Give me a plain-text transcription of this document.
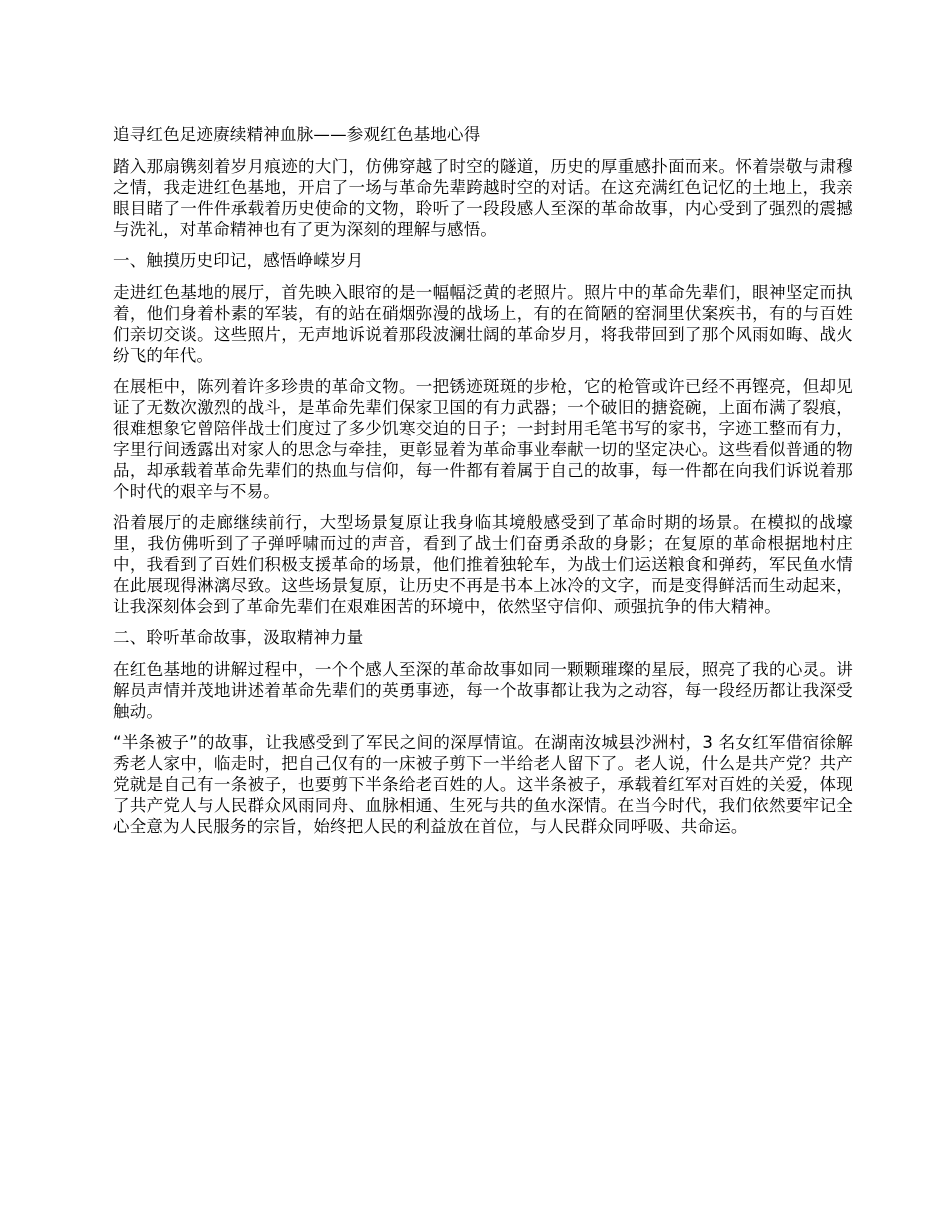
追寻红色足迹赓续精神血脉——参观红色基地心得

踏入那扇镌刻着岁月痕迹的大门，仿佛穿越了时空的隧道，历史的厚重感扑面而来。怀着崇敬与肃穆之情，我走进红色基地，开启了一场与革命先辈跨越时空的对话。在这充满红色记忆的土地上，我亲眼目睹了一件件承载着历史使命的文物，聆听了一段段感人至深的革命故事，内心受到了强烈的震撼与洗礼，对革命精神也有了更为深刻的理解与感悟。

一、触摸历史印记，感悟峥嵘岁月

走进红色基地的展厅，首先映入眼帘的是一幅幅泛黄的老照片。照片中的革命先辈们，眼神坚定而执着，他们身着朴素的军装，有的站在硝烟弥漫的战场上，有的在简陋的窑洞里伏案疾书，有的与百姓们亲切交谈。这些照片，无声地诉说着那段波澜壮阔的革命岁月，将我带回到了那个风雨如晦、战火纷飞的年代。

在展柜中，陈列着许多珍贵的革命文物。一把锈迹斑斑的步枪，它的枪管或许已经不再铿亮，但却见证了无数次激烈的战斗，是革命先辈们保家卫国的有力武器；一个破旧的搪瓷碗，上面布满了裂痕，很难想象它曾陪伴战士们度过了多少饥寒交迫的日子；一封封用毛笔书写的家书，字迹工整而有力，字里行间透露出对家人的思念与牵挂，更彰显着为革命事业奉献一切的坚定决心。这些看似普通的物品，却承载着革命先辈们的热血与信仰，每一件都有着属于自己的故事，每一件都在向我们诉说着那个时代的艰辛与不易。

沿着展厅的走廊继续前行，大型场景复原让我身临其境般感受到了革命时期的场景。在模拟的战壕里，我仿佛听到了子弹呼啸而过的声音，看到了战士们奋勇杀敌的身影；在复原的革命根据地村庄中，我看到了百姓们积极支援革命的场景，他们推着独轮车，为战士们运送粮食和弹药，军民鱼水情在此展现得淋漓尽致。这些场景复原，让历史不再是书本上冰冷的文字，而是变得鲜活而生动起来，让我深刻体会到了革命先辈们在艰难困苦的环境中，依然坚守信仰、顽强抗争的伟大精神。

二、聆听革命故事，汲取精神力量

在红色基地的讲解过程中，一个个感人至深的革命故事如同一颗颗璀璨的星辰，照亮了我的心灵。讲解员声情并茂地讲述着革命先辈们的英勇事迹，每一个故事都让我为之动容，每一段经历都让我深受触动。

“半条被子”的故事，让我感受到了军民之间的深厚情谊。在湖南汝城县沙洲村，3 名女红军借宿徐解秀老人家中，临走时，把自己仅有的一床被子剪下一半给老人留下了。老人说，什么是共产党？共产党就是自己有一条被子，也要剪下半条给老百姓的人。这半条被子，承载着红军对百姓的关爱，体现了共产党人与人民群众风雨同舟、血脉相通、生死与共的鱼水深情。在当今时代，我们依然要牢记全心全意为人民服务的宗旨，始终把人民的利益放在首位，与人民群众同呼吸、共命运。
